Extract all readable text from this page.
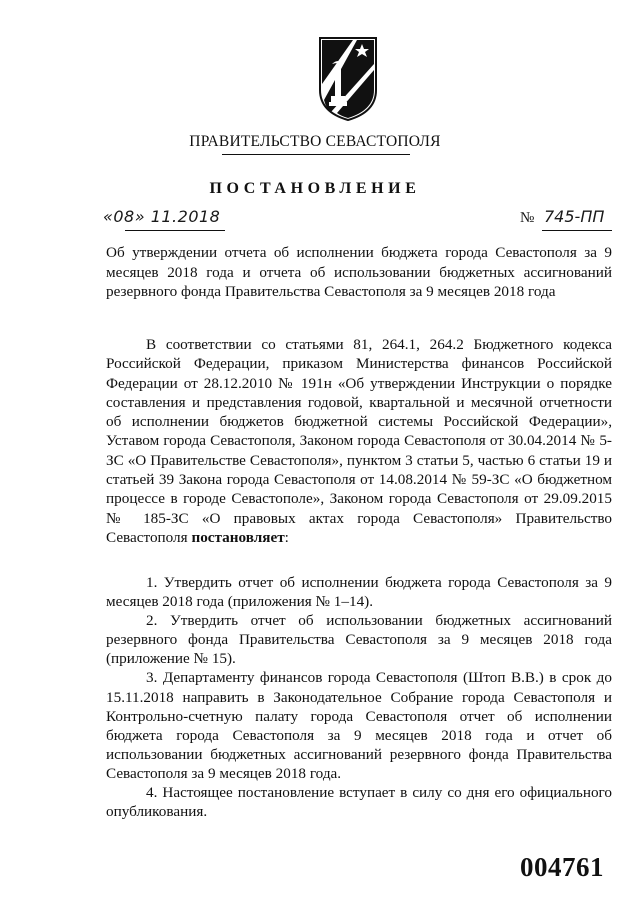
ПРАВИТЕЛЬСТВО СЕВАСТОПОЛЯ
ПОСТАНОВЛЕНИЕ
«08» 11.2018	№ 745-ПП
Об утверждении отчета об исполнении бюджета города Севастополя за 9 месяцев 2018 года и отчета об использовании бюджетных ассигнований резервного фонда Правительства Севастополя за 9 месяцев 2018 года
В соответствии со статьями 81, 264.1, 264.2 Бюджетного кодекса Российской Федерации, приказом Министерства финансов Российской Федерации от 28.12.2010 № 191н «Об утверждении Инструкции о порядке составления и представления годовой, квартальной и месячной отчетности об исполнении бюджетов бюджетной системы Российской Федерации», Уставом города Севастополя, Законом города Севастополя от 30.04.2014 № 5-ЗС «О Правительстве Севастополя», пунктом 3 статьи 5, частью 6 статьи 19 и статьей 39 Закона города Севастополя от 14.08.2014 № 59-ЗС «О бюджетном процессе в городе Севастополе», Законом города Севастополя от 29.09.2015 № 185-ЗС «О правовых актах города Севастополя» Правительство Севастополя постановляет:

1. Утвердить отчет об исполнении бюджета города Севастополя за 9 месяцев 2018 года (приложения № 1–14).

2. Утвердить отчет об использовании бюджетных ассигнований резервного фонда Правительства Севастополя за 9 месяцев 2018 года (приложение № 15).

3. Департаменту финансов города Севастополя (Штоп В.В.) в срок до 15.11.2018 направить в Законодательное Собрание города Севастополя и Контрольно-счетную палату города Севастополя отчет об исполнении бюджета города Севастополя за 9 месяцев 2018 года и отчет об использовании бюджетных ассигнований резервного фонда Правительства Севастополя за 9 месяцев 2018 года.

4. Настоящее постановление вступает в силу со дня его официального опубликования.

004761
